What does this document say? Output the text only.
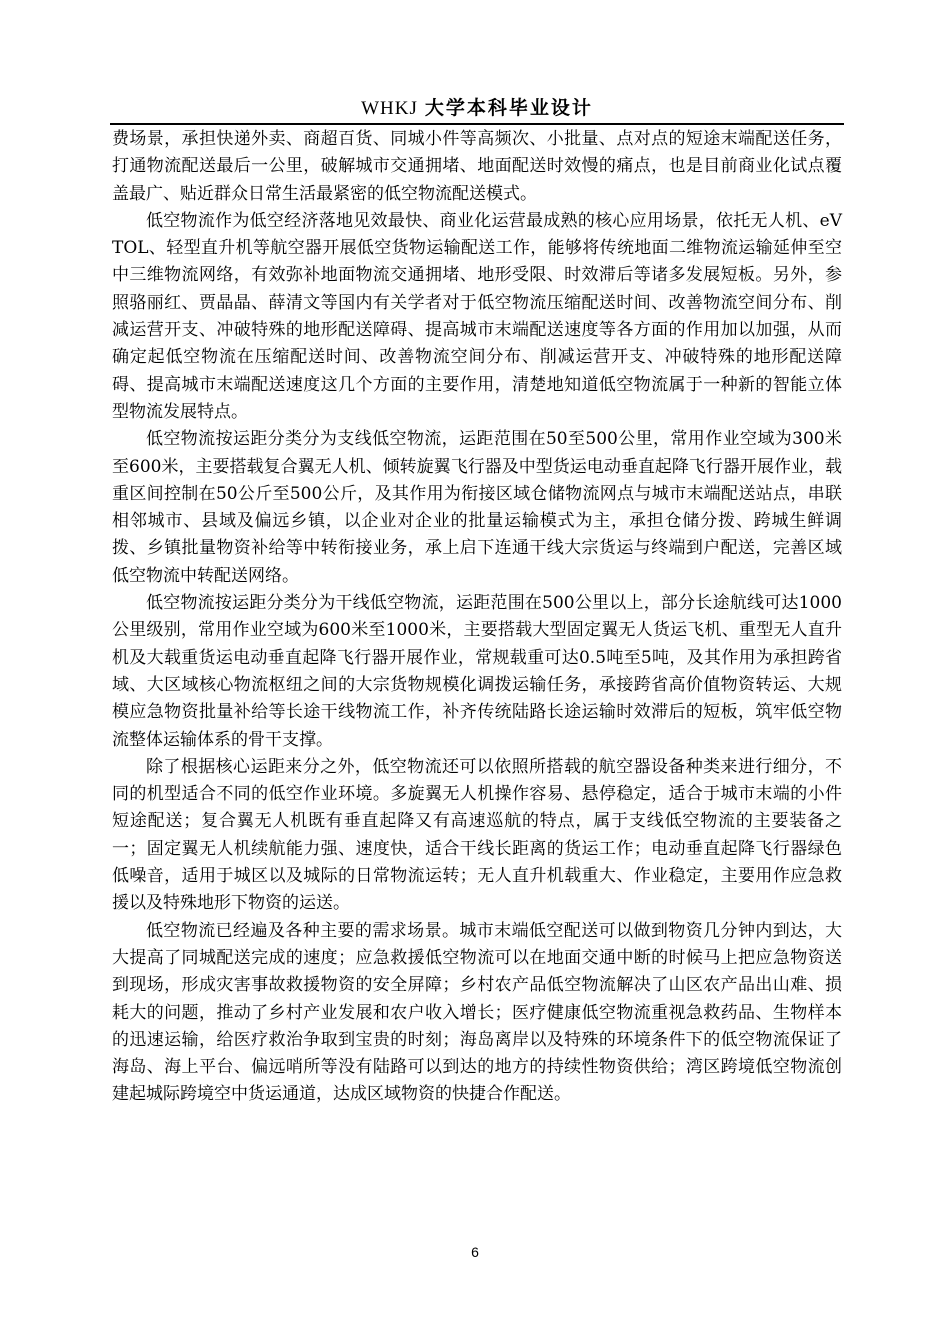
WHKJ 大学本科毕业设计

费场景，承担快递外卖、商超百货、同城小件等高频次、小批量、点对点的短途末端配送任务，打通物流配送最后一公里，破解城市交通拥堵、地面配送时效慢的痛点，也是目前商业化试点覆盖最广、贴近群众日常生活最紧密的低空物流配送模式。

低空物流作为低空经济落地见效最快、商业化运营最成熟的核心应用场景，依托无人机、eVTOL、轻型直升机等航空器开展低空货物运输配送工作，能够将传统地面二维物流运输延伸至空中三维物流网络，有效弥补地面物流交通拥堵、地形受限、时效滞后等诸多发展短板。另外，参照骆丽红、贾晶晶、薛清文等国内有关学者对于低空物流压缩配送时间、改善物流空间分布、削减运营开支、冲破特殊的地形配送障碍、提高城市末端配送速度等各方面的作用加以加强，从而确定起低空物流在压缩配送时间、改善物流空间分布、削减运营开支、冲破特殊的地形配送障碍、提高城市末端配送速度这几个方面的主要作用，清楚地知道低空物流属于一种新的智能立体型物流发展特点。

低空物流按运距分类分为支线低空物流，运距范围在50至500公里，常用作业空域为300米至600米，主要搭载复合翼无人机、倾转旋翼飞行器及中型货运电动垂直起降飞行器开展作业，载重区间控制在50公斤至500公斤，及其作用为衔接区域仓储物流网点与城市末端配送站点，串联相邻城市、县域及偏远乡镇，以企业对企业的批量运输模式为主，承担仓储分拨、跨城生鲜调拨、乡镇批量物资补给等中转衔接业务，承上启下连通干线大宗货运与终端到户配送，完善区域低空物流中转配送网络。

低空物流按运距分类分为干线低空物流，运距范围在500公里以上，部分长途航线可达1000公里级别，常用作业空域为600米至1000米，主要搭载大型固定翼无人货运飞机、重型无人直升机及大载重货运电动垂直起降飞行器开展作业，常规载重可达0.5吨至5吨，及其作用为承担跨省域、大区域核心物流枢纽之间的大宗货物规模化调拨运输任务，承接跨省高价值物资转运、大规模应急物资批量补给等长途干线物流工作，补齐传统陆路长途运输时效滞后的短板，筑牢低空物流整体运输体系的骨干支撑。

除了根据核心运距来分之外，低空物流还可以依照所搭载的航空器设备种类来进行细分，不同的机型适合不同的低空作业环境。多旋翼无人机操作容易、悬停稳定，适合于城市末端的小件短途配送；复合翼无人机既有垂直起降又有高速巡航的特点，属于支线低空物流的主要装备之一；固定翼无人机续航能力强、速度快，适合干线长距离的货运工作；电动垂直起降飞行器绿色低噪音，适用于城区以及城际的日常物流运转；无人直升机载重大、作业稳定，主要用作应急救援以及特殊地形下物资的运送。

低空物流已经遍及各种主要的需求场景。城市末端低空配送可以做到物资几分钟内到达，大大提高了同城配送完成的速度；应急救援低空物流可以在地面交通中断的时候马上把应急物资送到现场，形成灾害事故救援物资的安全屏障；乡村农产品低空物流解决了山区农产品出山难、损耗大的问题，推动了乡村产业发展和农户收入增长；医疗健康低空物流重视急救药品、生物样本的迅速运输，给医疗救治争取到宝贵的时刻；海岛离岸以及特殊的环境条件下的低空物流保证了海岛、海上平台、偏远哨所等没有陆路可以到达的地方的持续性物资供给；湾区跨境低空物流创建起城际跨境空中货运通道，达成区域物资的快捷合作配送。

6
